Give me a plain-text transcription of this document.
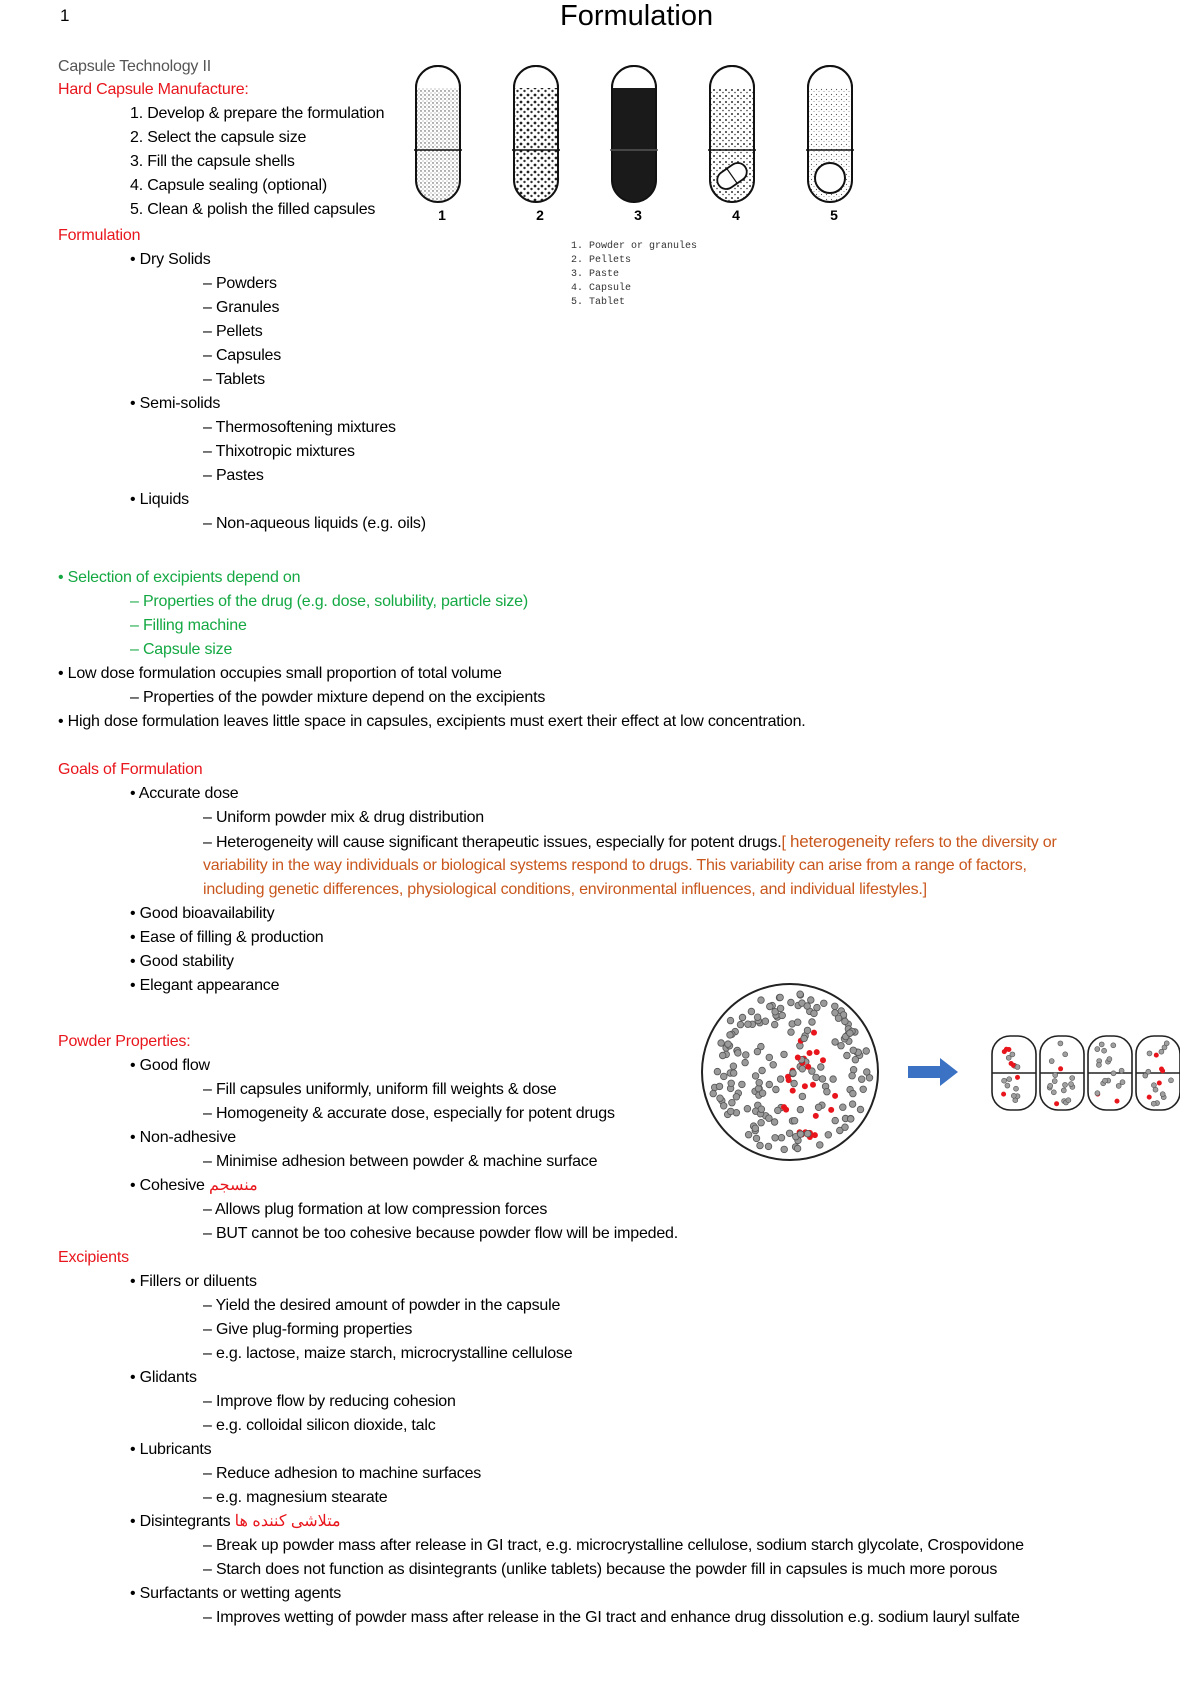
1	Formulation
Capsule Technology II
Hard Capsule Manufacture:
1. Develop & prepare the formulation
2. Select the capsule size
3. Fill the capsule shells
4. Capsule sealing (optional)
5. Clean & polish the filled capsules	1	2	3	4	5
1. Powder or granules
2. Pellets
3. Paste
4. Capsule
5. Tablet
Formulation
• Dry Solids
– Powders
– Granules
– Pellets
– Capsules
– Tablets
• Semi-solids
– Thermosoftening mixtures
– Thixotropic mixtures
– Pastes
• Liquids
– Non-aqueous liquids (e.g. oils)
• Selection of excipients depend on
– Properties of the drug (e.g. dose, solubility, particle size)
– Filling machine
– Capsule size
• Low dose formulation occupies small proportion of total volume
– Properties of the powder mixture depend on the excipients
• High dose formulation leaves little space in capsules, excipients must exert their effect at low concentration.
Goals of Formulation
• Accurate dose
– Uniform powder mix & drug distribution
– Heterogeneity will cause significant therapeutic issues, especially for potent drugs.[ heterogeneity refers to the diversity or
variability in the way individuals or biological systems respond to drugs. This variability can arise from a range of factors,
including genetic differences, physiological conditions, environmental influences, and individual lifestyles.]
• Good bioavailability
• Ease of filling & production
• Good stability
• Elegant appearance
Powder Properties:
• Good flow
– Fill capsules uniformly, uniform fill weights & dose
– Homogeneity & accurate dose, especially for potent drugs
• Non-adhesive
– Minimise adhesion between powder & machine surface
• Cohesive منسجم
– Allows plug formation at low compression forces
– BUT cannot be too cohesive because powder flow will be impeded.
Excipients
• Fillers or diluents
– Yield the desired amount of powder in the capsule
– Give plug-forming properties
– e.g. lactose, maize starch, microcrystalline cellulose
• Glidants
– Improve flow by reducing cohesion
– e.g. colloidal silicon dioxide, talc
• Lubricants
– Reduce adhesion to machine surfaces
– e.g. magnesium stearate
• Disintegrants متلاشی کننده ها
– Break up powder mass after release in GI tract, e.g. microcrystalline cellulose, sodium starch glycolate, Crospovidone
– Starch does not function as disintegrants (unlike tablets) because the powder fill in capsules is much more porous
• Surfactants or wetting agents
– Improves wetting of powder mass after release in the GI tract and enhance drug dissolution e.g. sodium lauryl sulfate
